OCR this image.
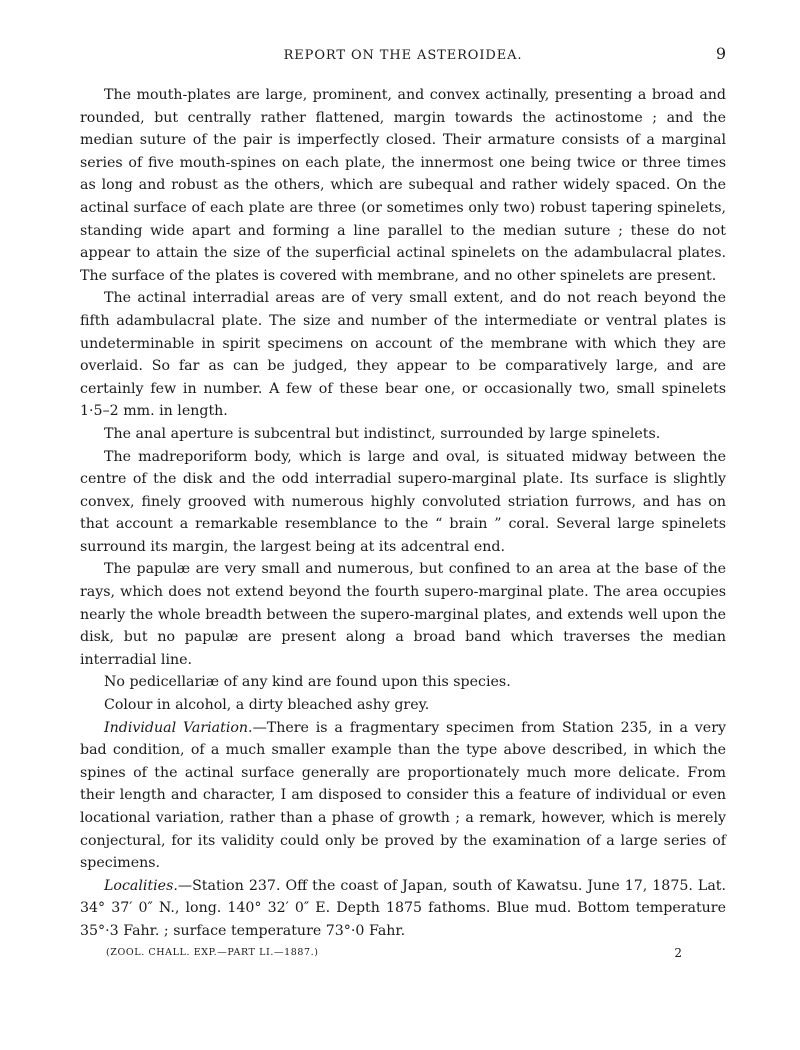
REPORT ON THE ASTEROIDEA.	9

The mouth-plates are large, prominent, and convex actinally, presenting a broad and rounded, but centrally rather flattened, margin towards the actinostome ; and the median suture of the pair is imperfectly closed. Their armature consists of a marginal series of five mouth-spines on each plate, the innermost one being twice or three times as long and robust as the others, which are subequal and rather widely spaced. On the actinal surface of each plate are three (or sometimes only two) robust tapering spinelets, standing wide apart and forming a line parallel to the median suture ; these do not appear to attain the size of the superficial actinal spinelets on the adambulacral plates. The surface of the plates is covered with membrane, and no other spinelets are present.

The actinal interradial areas are of very small extent, and do not reach beyond the fifth adambulacral plate. The size and number of the intermediate or ventral plates is undeterminable in spirit specimens on account of the membrane with which they are overlaid. So far as can be judged, they appear to be comparatively large, and are certainly few in number. A few of these bear one, or occasionally two, small spinelets 1·5–2 mm. in length.

The anal aperture is subcentral but indistinct, surrounded by large spinelets.

The madreporiform body, which is large and oval, is situated midway between the centre of the disk and the odd interradial supero-marginal plate. Its surface is slightly convex, finely grooved with numerous highly convoluted striation furrows, and has on that account a remarkable resemblance to the “ brain ” coral. Several large spinelets surround its margin, the largest being at its adcentral end.

The papulæ are very small and numerous, but confined to an area at the base of the rays, which does not extend beyond the fourth supero-marginal plate. The area occupies nearly the whole breadth between the supero-marginal plates, and extends well upon the disk, but no papulæ are present along a broad band which traverses the median interradial line.

No pedicellariæ of any kind are found upon this species.

Colour in alcohol, a dirty bleached ashy grey.

Individual Variation.—There is a fragmentary specimen from Station 235, in a very bad condition, of a much smaller example than the type above described, in which the spines of the actinal surface generally are proportionately much more delicate. From their length and character, I am disposed to consider this a feature of individual or even locational variation, rather than a phase of growth ; a remark, however, which is merely conjectural, for its validity could only be proved by the examination of a large series of specimens.

Localities.—Station 237. Off the coast of Japan, south of Kawatsu. June 17, 1875. Lat. 34° 37′ 0″ N., long. 140° 32′ 0″ E. Depth 1875 fathoms. Blue mud. Bottom temperature 35°·3 Fahr. ; surface temperature 73°·0 Fahr.

(ZOOL. CHALL. EXP.—PART LI.—1887.)	2
